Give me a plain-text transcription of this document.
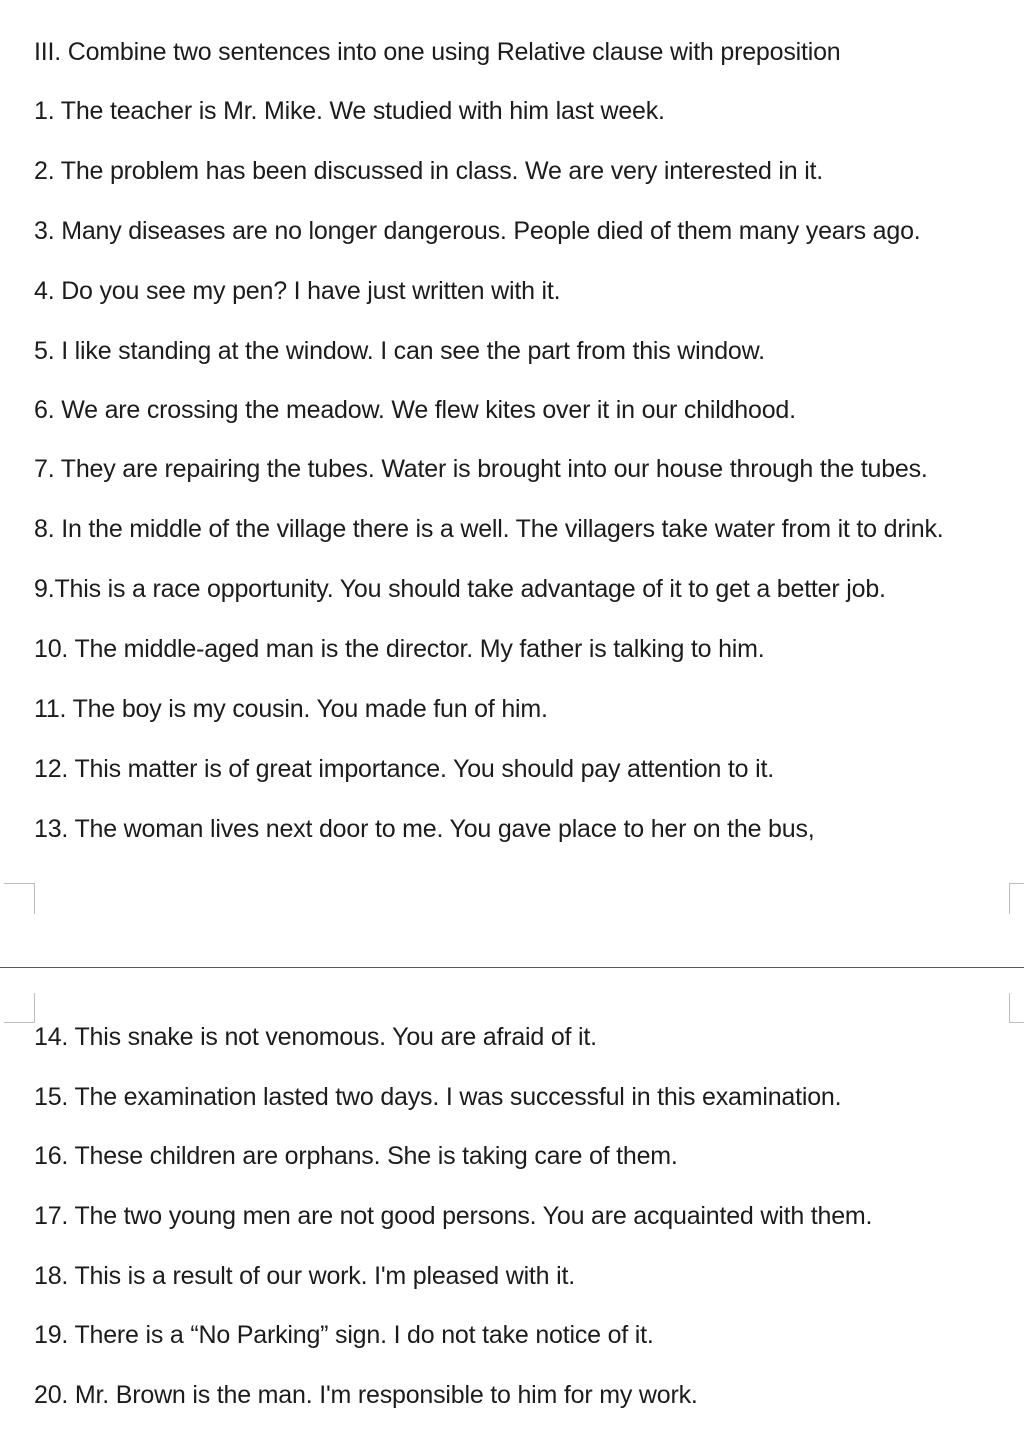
III. Combine two sentences into one using Relative clause with preposition
1. The teacher is Mr. Mike. We studied with him last week.
2. The problem has been discussed in class. We are very interested in it.
3. Many diseases are no longer dangerous. People died of them many years ago.
4. Do you see my pen? I have just written with it.
5. I like standing at the window. I can see the part from this window.
6. We are crossing the meadow. We flew kites over it in our childhood.
7. They are repairing the tubes. Water is brought into our house through the tubes.
8. In the middle of the village there is a well. The villagers take water from it to drink.
9.This is a race opportunity. You should take advantage of it to get a better job.
10. The middle-aged man is the director. My father is talking to him.
11. The boy is my cousin. You made fun of him.
12. This matter is of great importance. You should pay attention to it.
13. The woman lives next door to me. You gave place to her on the bus,
14. This snake is not venomous. You are afraid of it.
15. The examination lasted two days. I was successful in this examination.
16. These children are orphans. She is taking care of them.
17. The two young men are not good persons. You are acquainted with them.
18. This is a result of our work. I'm pleased with it.
19. There is a “No Parking” sign. I do not take notice of it.
20. Mr. Brown is the man. I'm responsible to him for my work.
